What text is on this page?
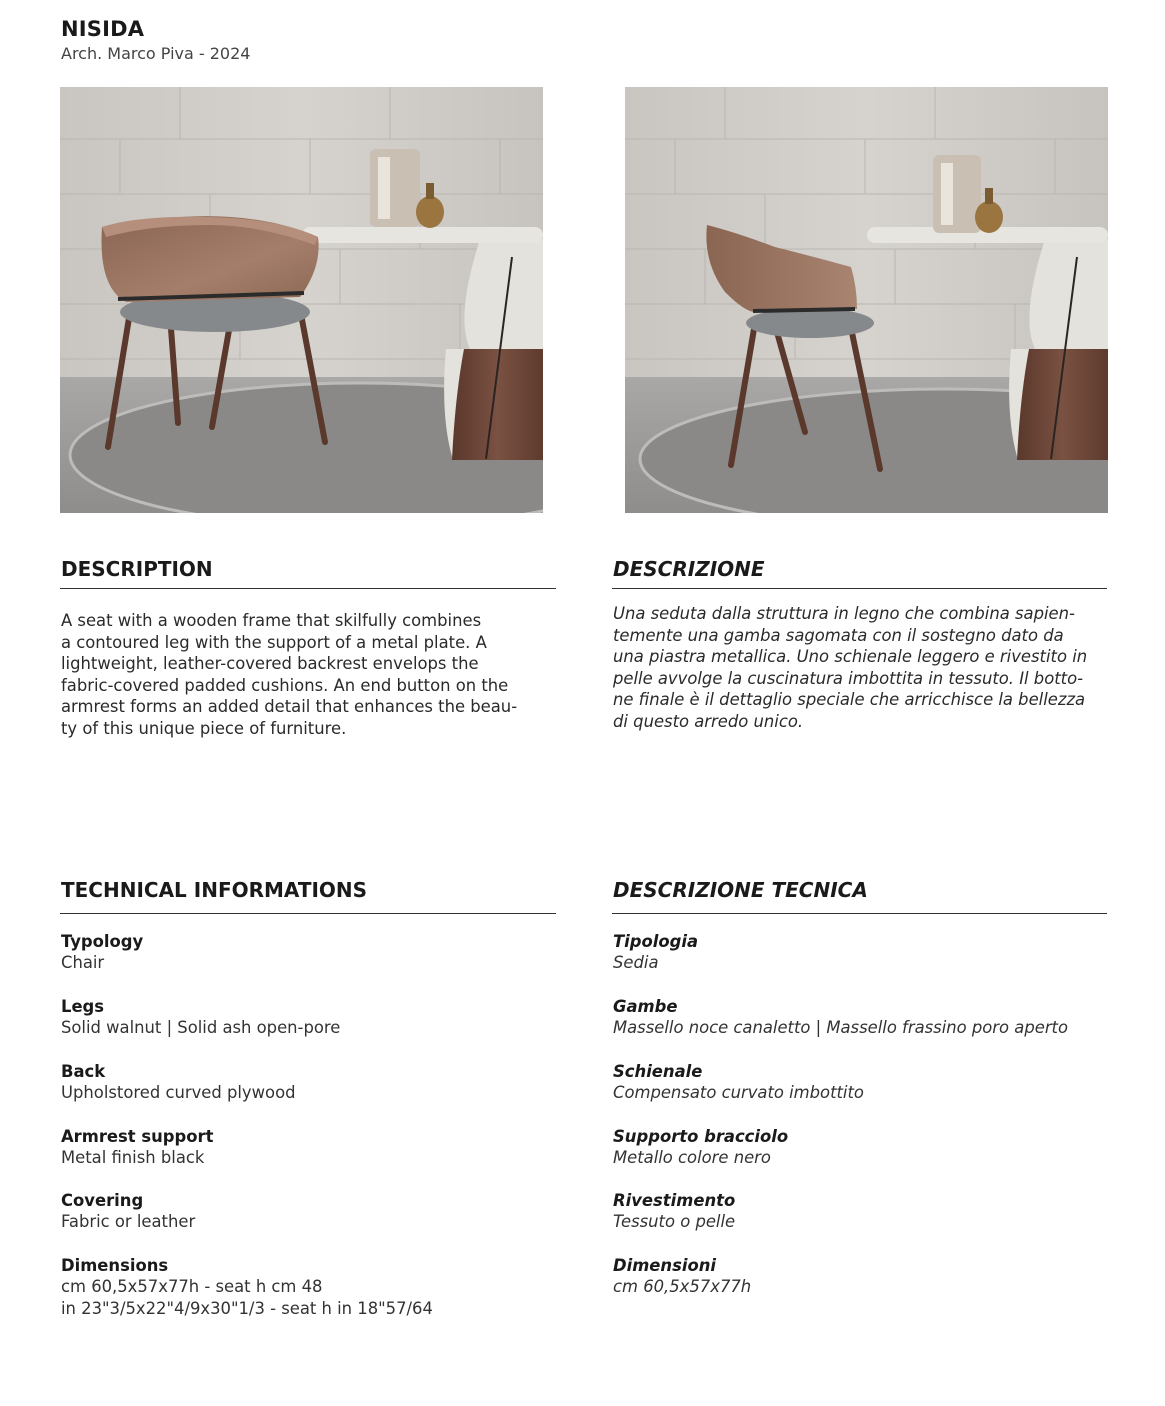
NISIDA
Arch. Marco Piva - 2024
DESCRIPTION	DESCRIZIONE
A seat with a wooden frame that skilfully combines
a contoured leg with the support of a metal plate. A
lightweight, leather-covered backrest envelops the
fabric-covered padded cushions. An end button on the
armrest forms an added detail that enhances the beau-
ty of this unique piece of furniture.
Una seduta dalla struttura in legno che combina sapien-
temente una gamba sagomata con il sostegno dato da
una piastra metallica. Uno schienale leggero e rivestito in
pelle avvolge la cuscinatura imbottita in tessuto. Il botto-
ne finale è il dettaglio speciale che arricchisce la bellezza
di questo arredo unico.
TECHNICAL INFORMATIONS	DESCRIZIONE TECNICA
Typology
Chair
Legs
Solid walnut | Solid ash open-pore
Back
Upholstored curved plywood
Armrest support
Metal finish black
Covering
Fabric or leather
Dimensions
cm 60,5x57x77h - seat h cm 48
in 23"3/5x22"4/9x30"1/3 - seat h in 18"57/64
Tipologia
Sedia
Gambe
Massello noce canaletto | Massello frassino poro aperto
Schienale
Compensato curvato imbottito
Supporto bracciolo
Metallo colore nero
Rivestimento
Tessuto o pelle
Dimensioni
cm 60,5x57x77h
